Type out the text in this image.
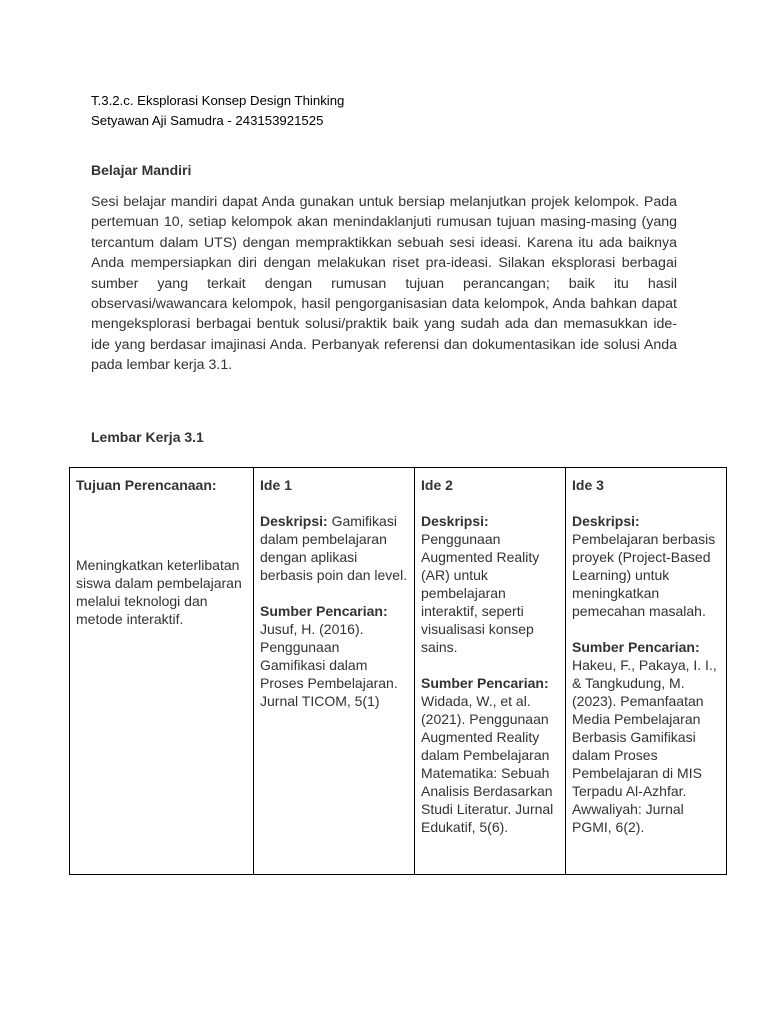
T.3.2.c. Eksplorasi Konsep Design Thinking
Setyawan Aji Samudra - 243153921525
Belajar Mandiri
Sesi belajar mandiri dapat Anda gunakan untuk bersiap melanjutkan projek kelompok. Pada pertemuan 10, setiap kelompok akan menindaklanjuti rumusan tujuan masing-masing (yang tercantum dalam UTS) dengan mempraktikkan sebuah sesi ideasi. Karena itu ada baiknya Anda mempersiapkan diri dengan melakukan riset pra-ideasi. Silakan eksplorasi berbagai sumber yang terkait dengan rumusan tujuan perancangan; baik itu hasil observasi/wawancara kelompok, hasil pengorganisasian data kelompok, Anda bahkan dapat mengeksplorasi berbagai bentuk solusi/praktik baik yang sudah ada dan memasukkan ide-ide yang berdasar imajinasi Anda. Perbanyak referensi dan dokumentasikan ide solusi Anda pada lembar kerja 3.1.
Lembar Kerja 3.1
Tujuan Perencanaan:
Meningkatkan keterlibatan siswa dalam pembelajaran melalui teknologi dan metode interaktif.

Ide 1
Deskripsi: Gamifikasi dalam pembelajaran dengan aplikasi berbasis poin dan level.
Sumber Pencarian:
Jusuf, H. (2016). Penggunaan Gamifikasi dalam Proses Pembelajaran. Jurnal TICOM, 5(1)

Ide 2
Deskripsi:
Penggunaan Augmented Reality (AR) untuk pembelajaran interaktif, seperti visualisasi konsep sains.
Sumber Pencarian:
Widada, W., et al. (2021). Penggunaan Augmented Reality dalam Pembelajaran Matematika: Sebuah Analisis Berdasarkan Studi Literatur. Jurnal Edukatif, 5(6).

Ide 3
Deskripsi:
Pembelajaran berbasis proyek (Project-Based Learning) untuk meningkatkan pemecahan masalah.
Sumber Pencarian:
Hakeu, F., Pakaya, I. I., & Tangkudung, M. (2023). Pemanfaatan Media Pembelajaran Berbasis Gamifikasi dalam Proses Pembelajaran di MIS Terpadu Al-Azhfar. Awwaliyah: Jurnal PGMI, 6(2).
